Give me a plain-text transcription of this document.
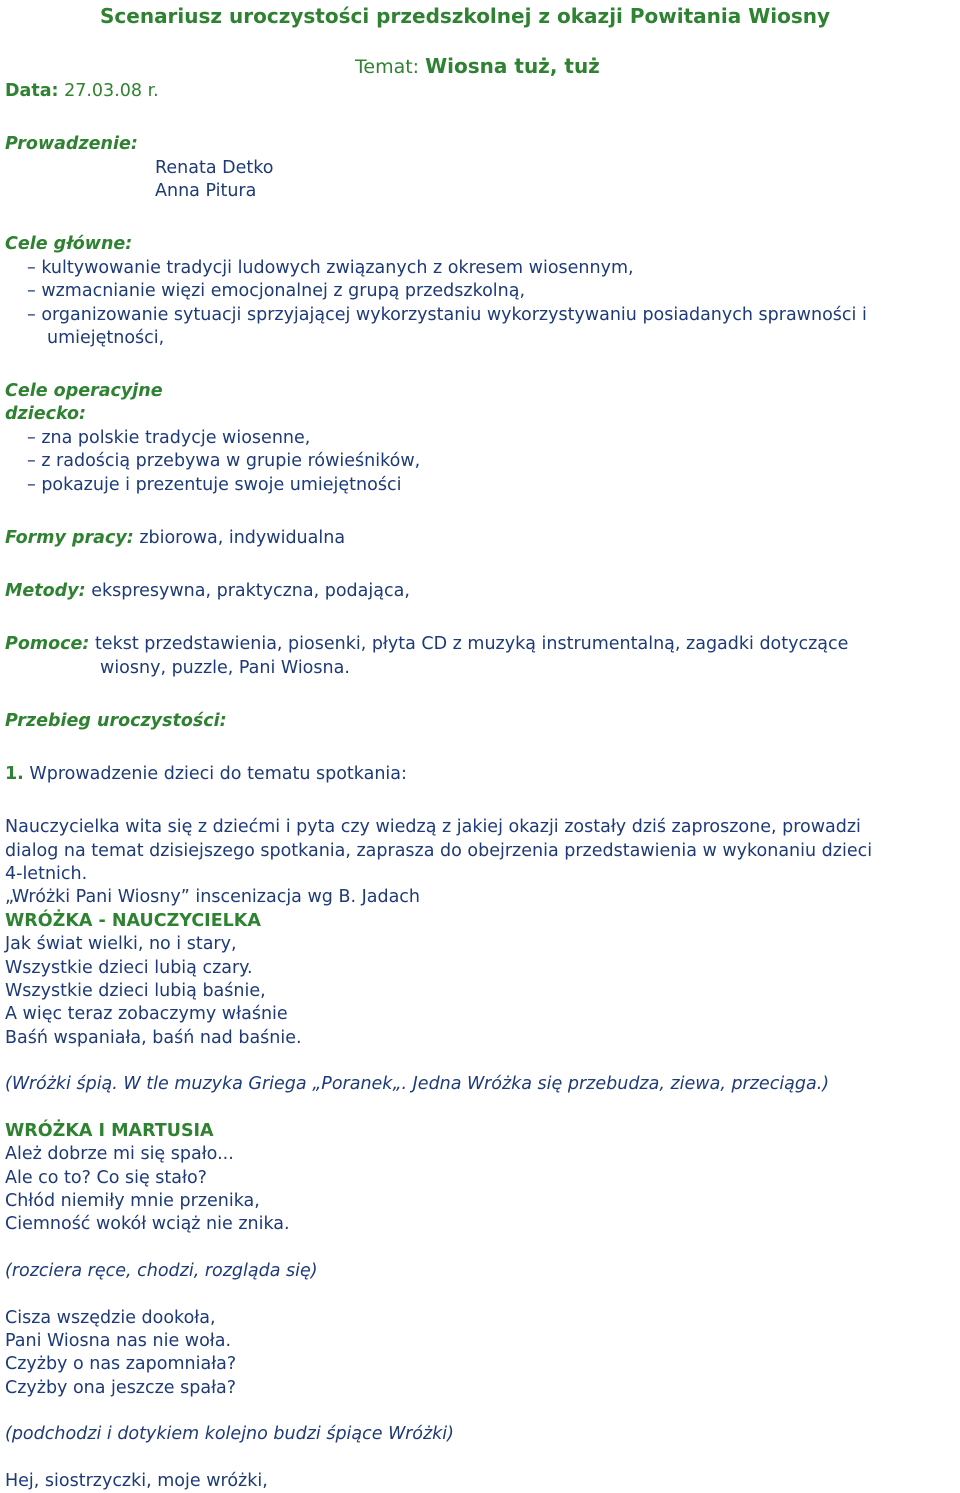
Scenariusz uroczystości przedszkolnej z okazji Powitania Wiosny
Temat: Wiosna tuż, tuż
Data: 27.03.08 r.
Prowadzenie:
Renata Detko
Anna Pitura
Cele główne:
– kultywowanie tradycji ludowych związanych z okresem wiosennym,
– wzmacnianie więzi emocjonalnej z grupą przedszkolną,
– organizowanie sytuacji sprzyjającej wykorzystaniu wykorzystywaniu posiadanych sprawności i
umiejętności,
Cele operacyjne
dziecko:
– zna polskie tradycje wiosenne,
– z radością przebywa w grupie rówieśników,
– pokazuje i prezentuje swoje umiejętności
Formy pracy: zbiorowa, indywidualna
Metody: ekspresywna, praktyczna, podająca,
Pomoce: tekst przedstawienia, piosenki, płyta CD z muzyką instrumentalną, zagadki dotyczące
wiosny, puzzle, Pani Wiosna.
Przebieg uroczystości:
1. Wprowadzenie dzieci do tematu spotkania:
Nauczycielka wita się z dziećmi i pyta czy wiedzą z jakiej okazji zostały dziś zaproszone, prowadzi
dialog na temat dzisiejszego spotkania, zaprasza do obejrzenia przedstawienia w wykonaniu dzieci
4-letnich.
„Wróżki Pani Wiosny” inscenizacja wg B. Jadach
WRÓŻKA - NAUCZYCIELKA
Jak świat wielki, no i stary,
Wszystkie dzieci lubią czary.
Wszystkie dzieci lubią baśnie,
A więc teraz zobaczymy właśnie
Baśń wspaniała, baśń nad baśnie.
(Wróżki śpią. W tle muzyka Griega „Poranek„. Jedna Wróżka się przebudza, ziewa, przeciąga.)
WRÓŻKA I MARTUSIA
Ależ dobrze mi się spało...
Ale co to? Co się stało?
Chłód niemiły mnie przenika,
Ciemność wokół wciąż nie znika.
(rozciera ręce, chodzi, rozgląda się)
Cisza wszędzie dookoła,
Pani Wiosna nas nie woła.
Czyżby o nas zapomniała?
Czyżby ona jeszcze spała?
(podchodzi i dotykiem kolejno budzi śpiące Wróżki)
Hej, siostrzyczki, moje wróżki,
